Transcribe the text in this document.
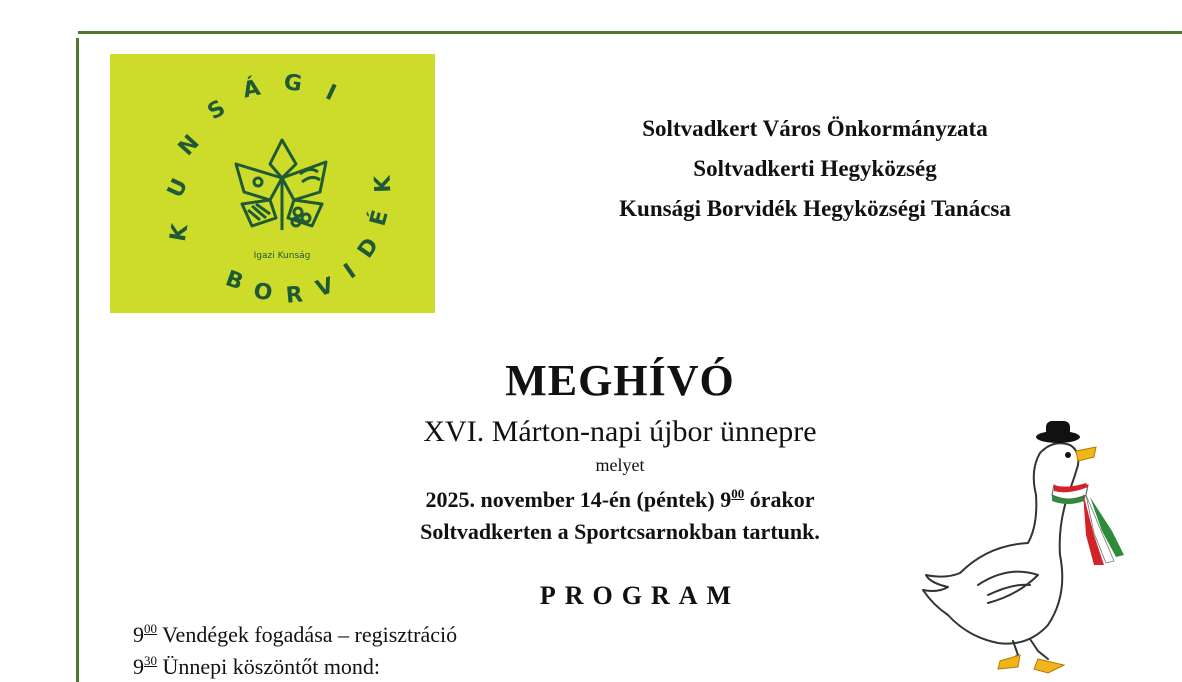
K
U
N
S
Á G I
B O R V
I
D
É
K
Igazi Kunság
Soltvadkert Város Önkormányzata
Soltvadkerti Hegyközség
Kunsági Borvidék Hegyközségi Tanácsa
MEGHÍVÓ
XVI. Márton-napi újbor ünnepre
melyet
2025. november 14-én (péntek) $9^{00}$ órakor
Soltvadkerten a Sportcsarnokban tartunk.
PROGRAM
$9^{00}$ Vendégek fogadása – regisztráció
$9^{30}$ Ünnepi köszöntőt mond:
